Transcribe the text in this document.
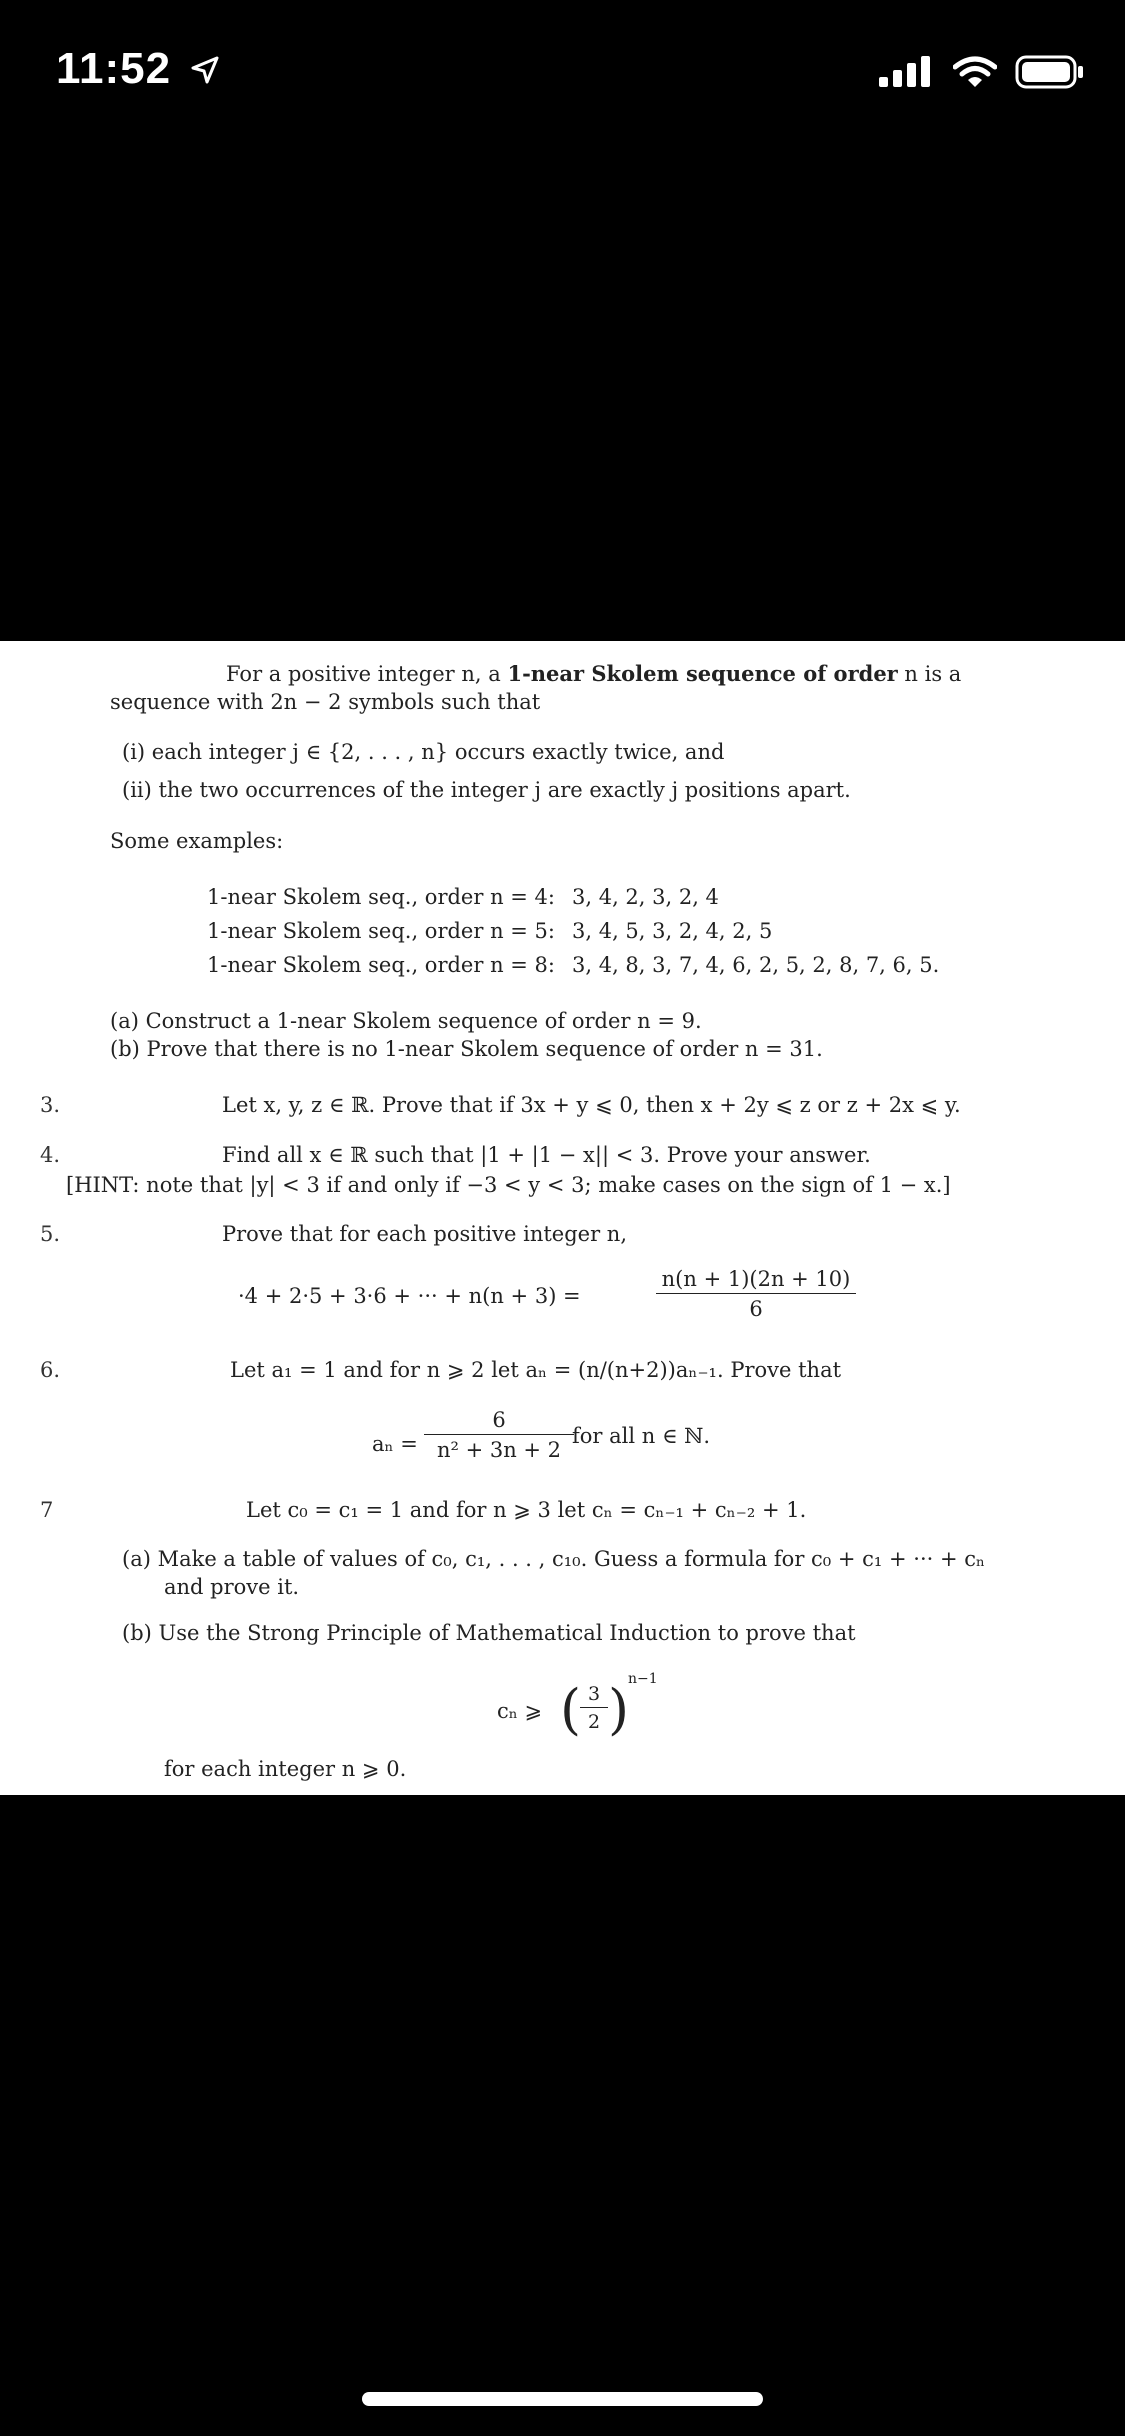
11:52
For a positive integer n, a 1-near Skolem sequence of order n is a
sequence with 2n − 2 symbols such that
(i) each integer j ∈ {2, . . . , n} occurs exactly twice, and
(ii) the two occurrences of the integer j are exactly j positions apart.
Some examples:
1-near Skolem seq., order n = 4: 3, 4, 2, 3, 2, 4
1-near Skolem seq., order n = 5: 3, 4, 5, 3, 2, 4, 2, 5
1-near Skolem seq., order n = 8: 3, 4, 8, 3, 7, 4, 6, 2, 5, 2, 8, 7, 6, 5.
(a) Construct a 1-near Skolem sequence of order n = 9.
(b) Prove that there is no 1-near Skolem sequence of order n = 31.
3.	Let x, y, z ∈ ℝ. Prove that if 3x + y ⩽ 0, then x + 2y ⩽ z or z + 2x ⩽ y.
4.	Find all x ∈ ℝ such that |1 + |1 − x|| < 3. Prove your answer.
[HINT: note that |y| < 3 if and only if −3 < y < 3; make cases on the sign of 1 − x.]
5.	Prove that for each positive integer n,
·4 + 2·5 + 3·6 + ··· + n(n + 3) =	$\frac{n(n + 1)(2n + 10)}{6}$
6.	Let a₁ = 1 and for n ⩾ 2 let aₙ = (n/(n+2))aₙ₋₁. Prove that
$a_n = \frac{6}{\text{n² + 3n + 2}}$
for all n ∈ ℕ.
7	Let c₀ = c₁ = 1 and for n ⩾ 3 let cₙ = cₙ₋₁ + cₙ₋₂ + 1.
(a) Make a table of values of c₀, c₁, . . . , c₁₀. Guess a formula for c₀ + c₁ + ··· + cₙ
and prove it.
(b) Use the Strong Principle of Mathematical Induction to prove that
cₙ ⩾ (
$\frac{3}{2}$ )
n−1
for each integer n ⩾ 0.
